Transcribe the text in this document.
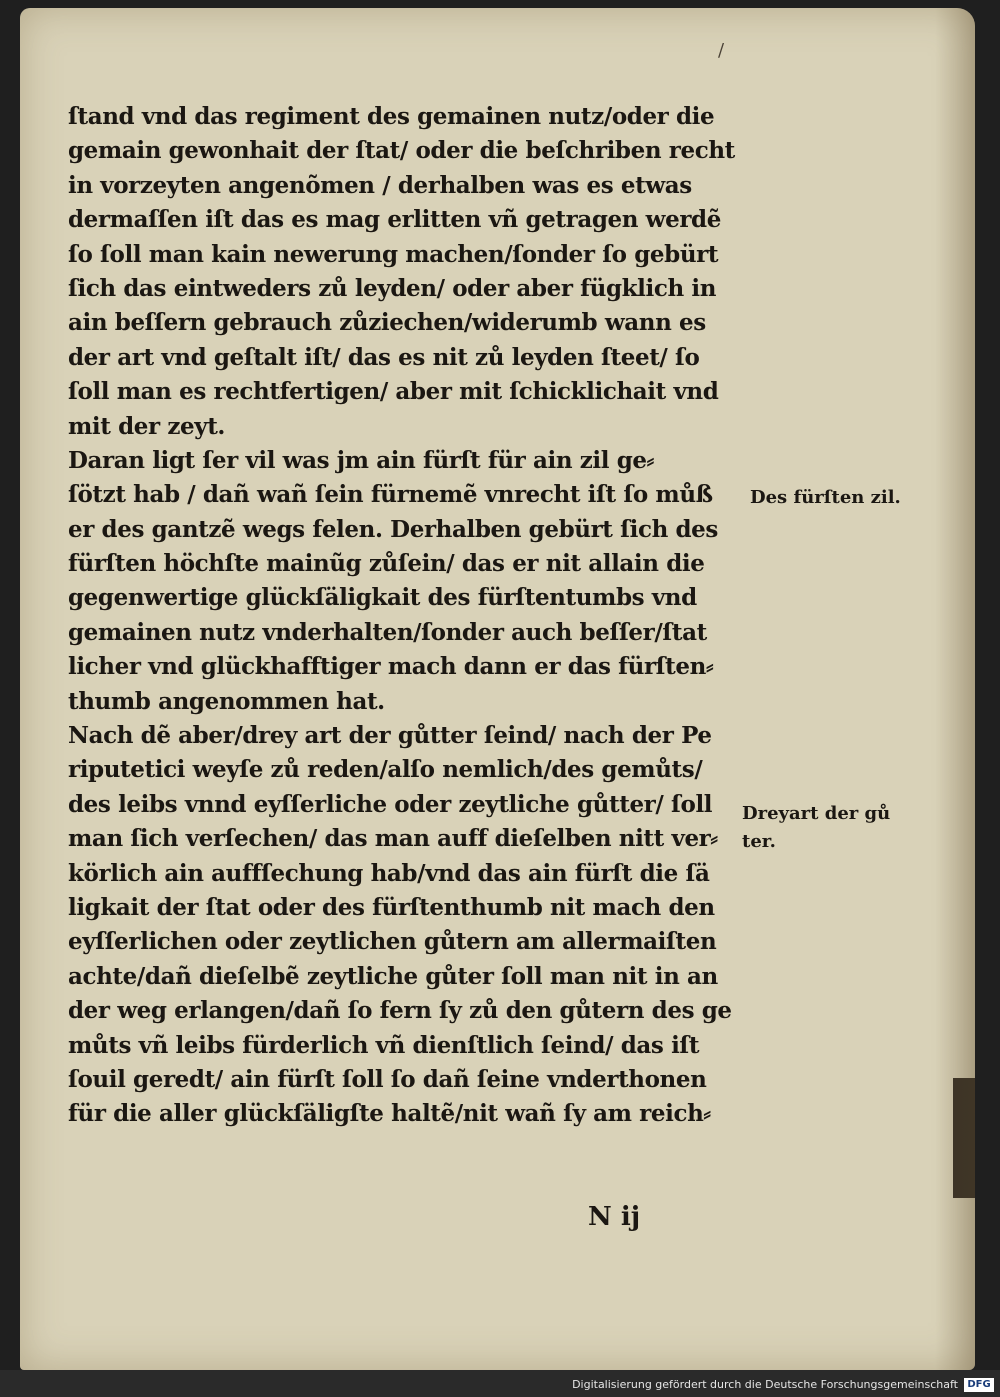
/
ſtand vnd das regiment des gemainen nutz/oder die
gemain gewonhait der ſtat/ oder die beſchriben recht
in vorzeyten angenõmen / derhalben was es etwas
dermaſſen iſt das es mag erlitten vñ getragen werdẽ
ſo ſoll man kain newerung machen/ſonder ſo gebürt
ſich das eintweders zů leyden/ oder aber fügklich in
ain beſſern gebrauch zůziechen/widerumb wann es
der art vnd geſtalt iſt/ das es nit zů leyden ſteet/ ſo
ſoll man es rechtfertigen/ aber mit ſchicklichait vnd
mit der zeyt.
Daran ligt ſer vil was jm ain fürſt für ain zil ge⸗
ſötzt hab / dañ wañ ſein fürnemẽ vnrecht iſt ſo můß
er des gantzẽ wegs felen. Derhalben gebürt ſich des
fürſten höchſte mainũg zůſein/ das er nit allain die
gegenwertige glückſäligkait des fürſtentumbs vnd
gemainen nutz vnderhalten/ſonder auch beſſer/ſtat
licher vnd glückhafftiger mach dann er das fürſten⸗
thumb angenommen hat.
Nach dẽ aber/drey art der gůtter ſeind/ nach der Pe
riputetici weyſe zů reden/alſo nemlich/des gemůts/
des leibs vnnd eyſſerliche oder zeytliche gůtter/ ſoll
man ſich verſechen/ das man auff dieſelben nitt ver⸗
körlich ain auffſechung hab/vnd das ain fürſt die ſä
ligkait der ſtat oder des fürſtenthumb nit mach den
eyſſerlichen oder zeytlichen gůtern am allermaiſten
achte/dañ dieſelbẽ zeytliche gůter ſoll man nit in an
der weg erlangen/dañ ſo fern ſy zů den gůtern des ge
můts vñ leibs fürderlich vñ dienſtlich ſeind/ das iſt
ſouil geredt/ ain fürſt ſoll ſo dañ ſeine vnderthonen
für die aller glückſäligſte haltẽ/nit wañ ſy am reich⸗
Des fürſten zil.
Dreyart der gů
ter.
N ij
Digitalisierung gefördert durch die Deutsche Forschungsgemeinschaft DFG
